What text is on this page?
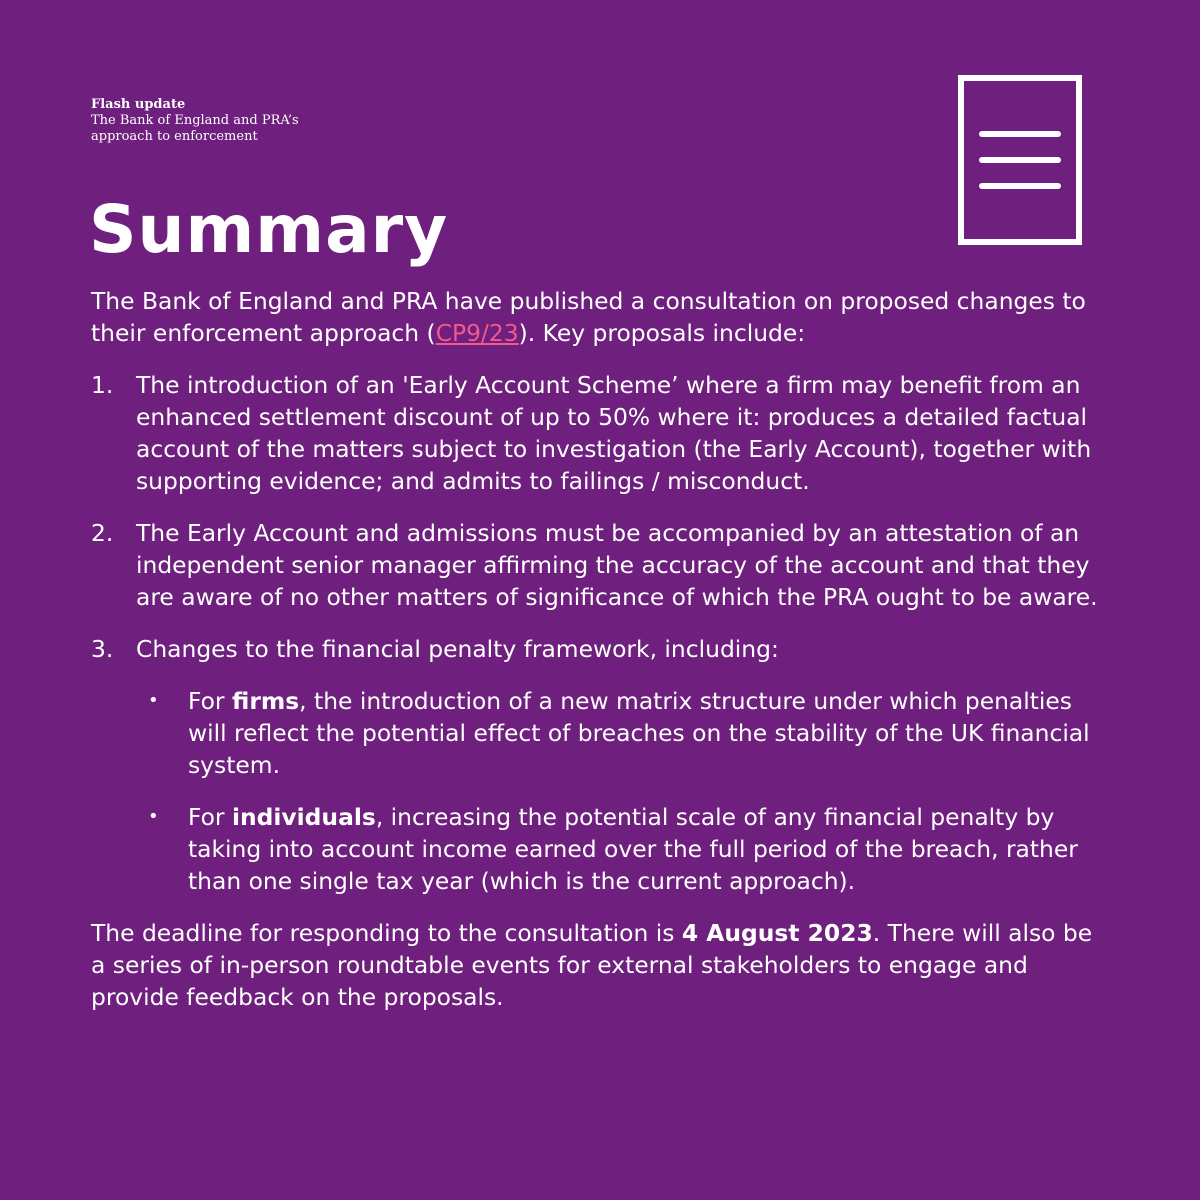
Flash update
The Bank of England and PRA’s approach to enforcement
Summary

The Bank of England and PRA have published a consultation on proposed changes to their enforcement approach (CP9/23). Key proposals include:

1. The introduction of an 'Early Account Scheme’ where a firm may benefit from an enhanced settlement discount of up to 50% where it: produces a detailed factual account of the matters subject to investigation (the Early Account), together with supporting evidence; and admits to failings / misconduct.
2. The Early Account and admissions must be accompanied by an attestation of an independent senior manager affirming the accuracy of the account and that they are aware of no other matters of significance of which the PRA ought to be aware.
3. Changes to the financial penalty framework, including:
• For firms, the introduction of a new matrix structure under which penalties will reflect the potential effect of breaches on the stability of the UK financial system.
• For individuals, increasing the potential scale of any financial penalty by taking into account income earned over the full period of the breach, rather than one single tax year (which is the current approach).

The deadline for responding to the consultation is 4 August 2023. There will also be a series of in-person roundtable events for external stakeholders to engage and provide feedback on the proposals.
